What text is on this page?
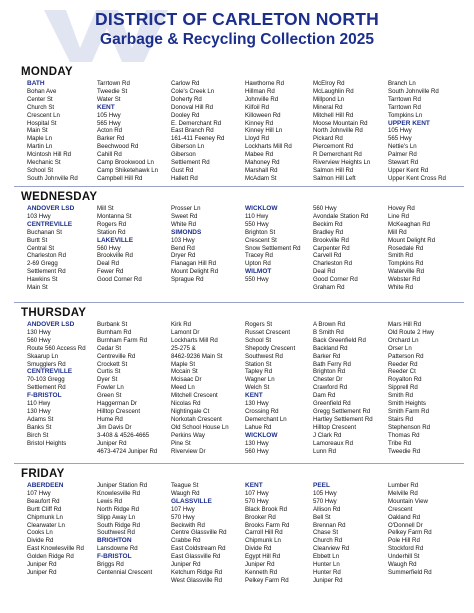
DISTRICT OF CARLETON NORTH
Garbage & Recycling Collection 2025
MONDAY
BATH
Bohan Ave
Center St
Church St
Crescent Ln
Hospital St
Main St
Maple Ln
Martin Ln
Mcintosh Hill Rd
Mechanic St
School St
South Johnville Rd
Tarrtown Rd
Tweedie St
Water St
KENT
105 Hwy
565 Hwy
Acton Rd
Barker Rd
Beechwood Rd
Cahill Rd
Camp Brookwood Ln
Camp Shiketehawk Ln
Campbell Hill Rd
Carlow Rd
Cole's Creek Ln
Doherty Rd
Donoval Hill Rd
Dooley Rd
E. Demerchant Rd
East Branch Rd
161-411 Feeney Rd
Giberson Ln
Giberson
Settlement Rd
Gust Rd
Hallett Rd
Hawthorne Rd
Hillman Rd
Johnville Rd
Kilfoil Rd
Killoween Rd
Kinney Rd
Kinney Hill Ln
Lloyd Rd
Lockharts Mill Rd
Mabee Rd
Mahoney Rd
Marshall Rd
McAdam St
McElroy Rd
McLaughlin Rd
Millpond Ln
Mineral Rd
Mitchell Hill Rd
Moose Mountain Rd
North Johnville Rd
Pickard Rd
Piercemont Rd
R Demerchant Rd
Riverview Heights Ln
Salmon Hill Rd
Salmon Hill Left
Branch Ln
South Johnville Rd
Tarrtown Rd
Tarrtown Rd
Tompkins Ln
UPPER KENT
105 Hwy
565 Hwy
Nettie's Ln
Palmer Rd
Stewart Rd
Upper Kent Rd
Upper Kent Cross Rd
WEDNESDAY
ANDOVER LSD
103 Hwy
CENTREVILLE
Buchanan St
Burtt St
Central St
Charleston Rd
2-69 Gregg
Settlement Rd
Hawkins St
Main St
Mill St
Montanna St
Rogers Rd
Station Rd
LAKEVILLE
560 Hwy
Brookville Rd
Deal Rd
Fewer Rd
Good Corner Rd
Prosser Ln
Sweet Rd
White Rd
SIMONDS
103 Hwy
Bend Rd
Dryer Rd
Flanagan Hill Rd
Mount Delight Rd
Sprague Rd
WICKLOW
110 Hwy
550 Hwy
Brighton St
Crescent St
Snow Settlement Rd
Tracey Rd
Upton Rd
WILMOT
550 Hwy
560 Hwy
Avondale Station Rd
Beckim Rd
Bradley Rd
Brookville Rd
Carpenter Rd
Carvell Rd
Charleston Rd
Deal Rd
Good Corner Rd
Graham Rd
Hovey Rd
Line Rd
McKeaghan Rd
Mill Rd
Mount Delight Rd
Rosedale Rd
Smith Rd
Tompkins Rd
Waterville Rd
Webster Rd
White Rd
THURSDAY
ANDOVER LSD
130 Hwy
560 Hwy
Route 560 Access Rd
Skaarup Ln
Smugglers Rd
CENTREVILLE
70-103 Gregg
Settlement Rd
F-BRISTOL
110 Hwy
130 Hwy
Adams St
Banks St
Birch St
Bristol Heights
Burbank St
Burnham Rd
Burnham Farm Rd
Cedar St
Centreville Rd
Crockett St
Curtis St
Dyer St
Fowler Ln
Green St
Haggerman Dr
Hilltop Crescent
Hume Rd
Jim Davis Dr
3-408 & 4526-4665
Juniper Rd
4673-4724 Juniper Rd
Kirk Rd
Lamont Dr
Lockharts Mill Rd
25-275 &
8462-9236 Main St
Maple St
Mccain St
Mcisaac Dr
Meed Ln
Mitchell Crescent
Nicolas Rd
Nightingale Ct
Norkotah Crescent
Old School House Ln
Perkins Way
Pine St
Riverview Dr
Rogers St
Russet Crescent
School St
Shepody Crescent
Southwest Rd
Station St
Tapley Rd
Wagner Ln
Welch St
KENT
130 Hwy
Crossing Rd
Demerchant Ln
Lahue Rd
WICKLOW
130 Hwy
560 Hwy
A Brown Rd
B Smith Rd
Back Greenfield Rd
Backland Rd
Barker Rd
Bath Ferry Rd
Brighton Rd
Chester Dr
Crawford Rd
Dam Rd
Greenfield Rd
Gregg Settlement Rd
Hartley Settlement Rd
Hilltop Crescent
J Clark Rd
Lamoreaux Rd
Lunn Rd
Mars Hill Rd
Old Route 2 Hwy
Orchard Ln
Orser Ln
Patterson Rd
Reeder Rd
Reeder Ct
Royalton Rd
Sipprell Rd
Smith Rd
Smith Heights
Smith Farm Rd
Stairs Rd
Stephenson Rd
Thomas Rd
Tribe Rd
Tweedie Rd
FRIDAY
ABERDEEN
107 Hwy
Beaufort Rd
Burtt Cliff Rd
Chipmunk Ln
Clearwater Ln
Cooks Ln
Divide Rd
East Knowlesville Rd
Golden Ridge Rd
Juniper Rd
Juniper Rd
Juniper Station Rd
Knowlesville Rd
Lewis Rd
North Ridge Rd
Slipp Away Ln
South Ridge Rd
Southwest Rd
BRIGHTON
Lansdowne Rd
F-BRISTOL
Briggs Rd
Centennial Crescent
Teague St
Waugh Rd
GLASSVILLE
107 Hwy
570 Hwy
Beckwith Rd
Centre Glassville Rd
Crabbe Rd
East Coldstream Rd
East Glassville Rd
Juniper Rd
Ketchum Ridge Rd
West Glassville Rd
KENT
107 Hwy
570 Hwy
Black Brook Rd
Brooker Rd
Brooks Farm Rd
Carroll Hill Rd
Chipmunk Ln
Divide Rd
Egypt Hill Rd
Juniper Rd
Kenneth Rd
Pelkey Farm Rd
PEEL
105 Hwy
570 Hwy
Allison Rd
Bell St
Brennan Rd
Chase St
Church Rd
Clearview Rd
Ebbett Ln
Hunter Ln
Hunter Rd
Juniper Rd
Lumber Rd
Melville Rd
Mountain View
Crescent
Oakland Rd
O'Donnell Dr
Pelkey Farm Rd
Pole Hill Rd
Stockford Rd
Underhill St
Waugh Rd
Summerfield Rd
